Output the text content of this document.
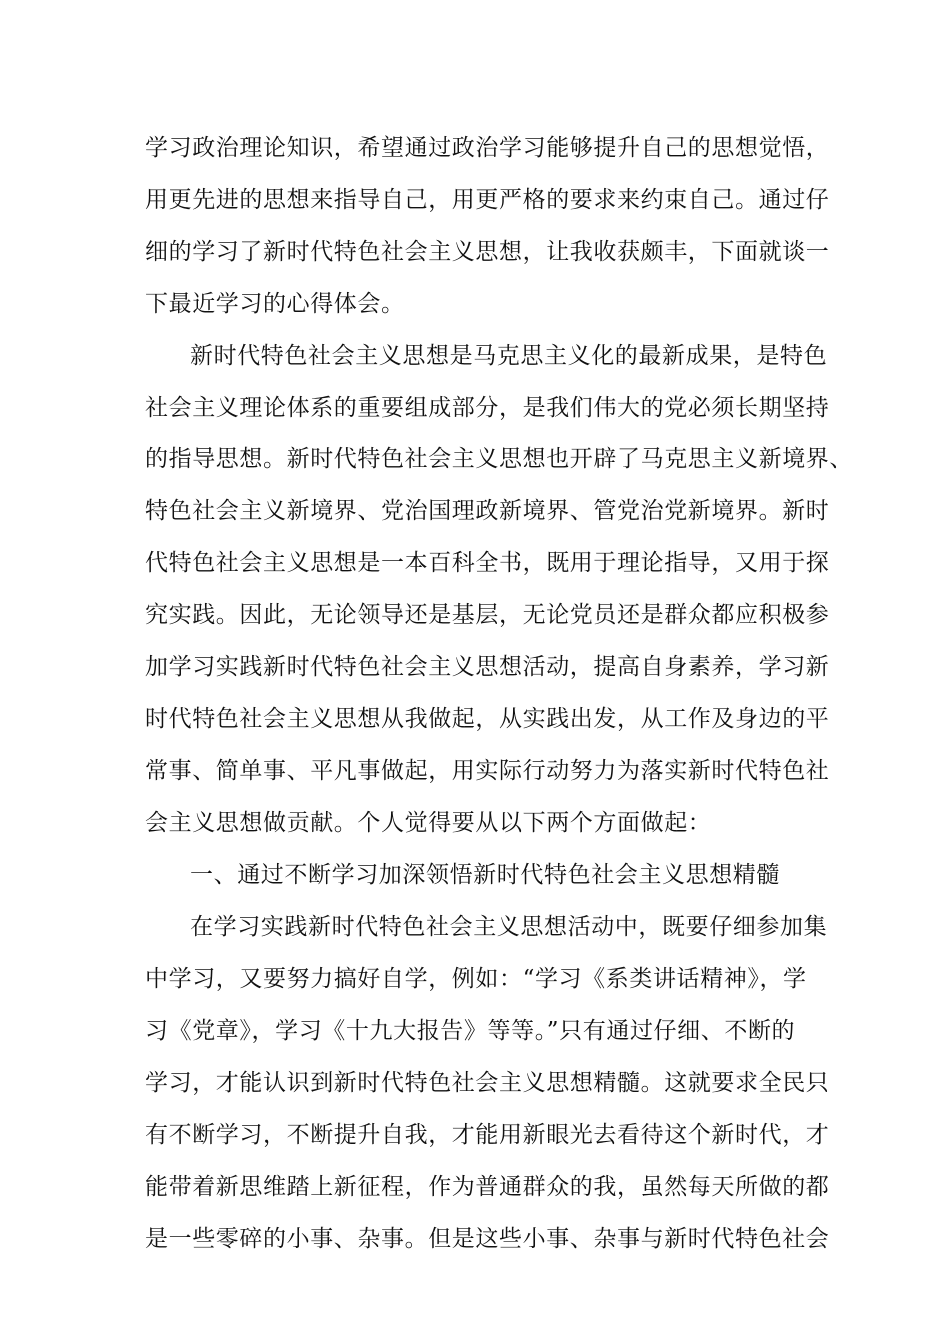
学习政治理论知识，希望通过政治学习能够提升自己的思想觉悟，
用更先进的思想来指导自己，用更严格的要求来约束自己。通过仔
细的学习了新时代特色社会主义思想，让我收获颇丰，下面就谈一
下最近学习的心得体会。
新时代特色社会主义思想是马克思主义化的最新成果，是特色
社会主义理论体系的重要组成部分，是我们伟大的党必须长期坚持
的指导思想。新时代特色社会主义思想也开辟了马克思主义新境界、
特色社会主义新境界、党治国理政新境界、管党治党新境界。新时
代特色社会主义思想是一本百科全书，既用于理论指导，又用于探
究实践。因此，无论领导还是基层，无论党员还是群众都应积极参
加学习实践新时代特色社会主义思想活动，提高自身素养，学习新
时代特色社会主义思想从我做起，从实践出发，从工作及身边的平
常事、简单事、平凡事做起，用实际行动努力为落实新时代特色社
会主义思想做贡献。个人觉得要从以下两个方面做起：
一、通过不断学习加深领悟新时代特色社会主义思想精髓
在学习实践新时代特色社会主义思想活动中，既要仔细参加集
中学习，又要努力搞好自学，例如：“学习《系类讲话精神》，学
习《党章》，学习《十九大报告》等等。”只有通过仔细、不断的
学习，才能认识到新时代特色社会主义思想精髓。这就要求全民只
有不断学习，不断提升自我，才能用新眼光去看待这个新时代，才
能带着新思维踏上新征程，作为普通群众的我，虽然每天所做的都
是一些零碎的小事、杂事。但是这些小事、杂事与新时代特色社会
